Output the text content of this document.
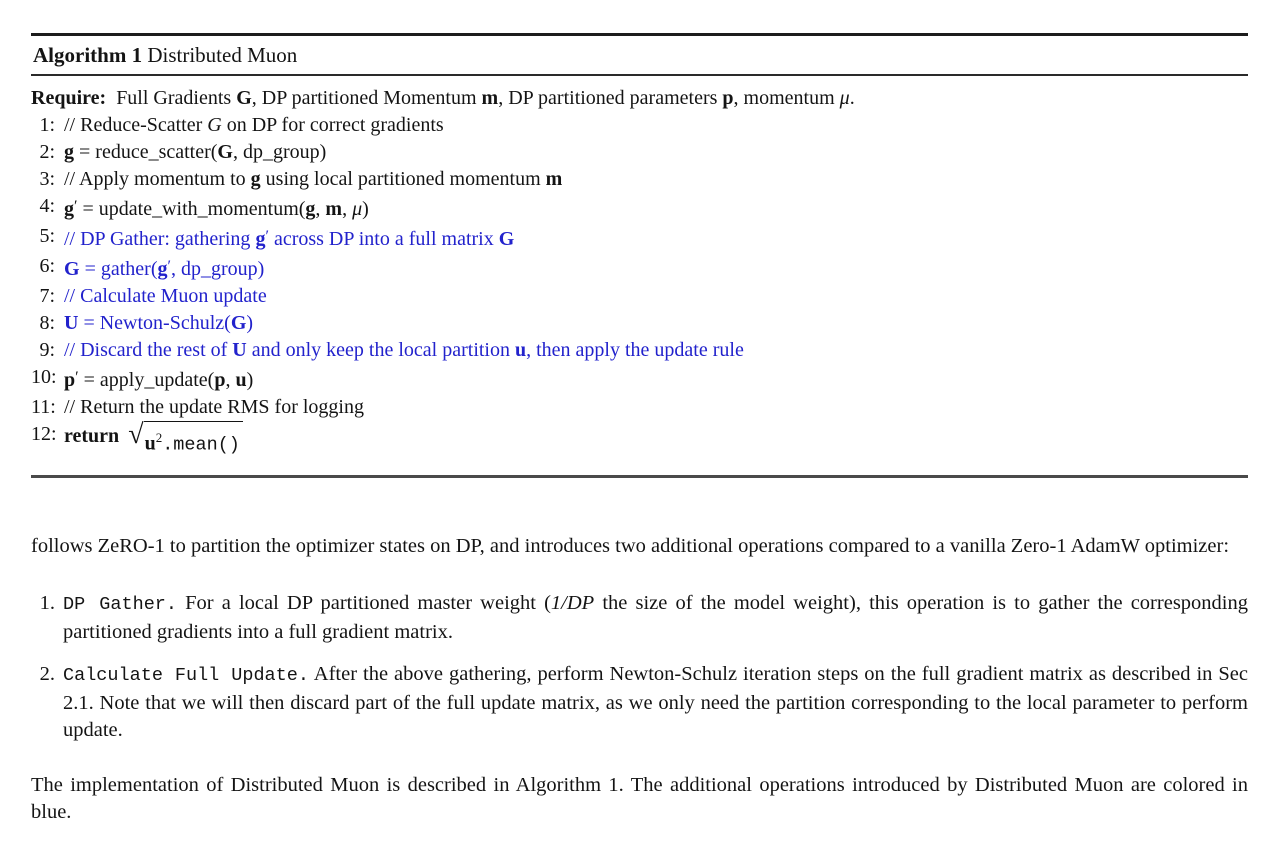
Algorithm 1 Distributed Muon
Require: Full Gradients G, DP partitioned Momentum m, DP partitioned parameters p, momentum μ.
1: // Reduce-Scatter G on DP for correct gradients
2: g = reduce_scatter(G, dp_group)
3: // Apply momentum to g using local partitioned momentum m
4: g′ = update_with_momentum(g, m, μ)
5: // DP Gather: gathering g′ across DP into a full matrix G
6: G = gather(g′, dp_group)
7: // Calculate Muon update
8: U = Newton-Schulz(G)
9: // Discard the rest of U and only keep the local partition u, then apply the update rule
10: p′ = apply_update(p, u)
11: // Return the update RMS for logging
12: return √ $u^2.mean()$

follows ZeRO-1 to partition the optimizer states on DP, and introduces two additional operations compared to a vanilla Zero-1 AdamW optimizer:

1. DP Gather. For a local DP partitioned master weight (1/DP the size of the model weight), this operation is to gather the corresponding partitioned gradients into a full gradient matrix.
2. Calculate Full Update. After the above gathering, perform Newton-Schulz iteration steps on the full gradient matrix as described in Sec 2.1. Note that we will then discard part of the full update matrix, as we only need the partition corresponding to the local parameter to perform update.

The implementation of Distributed Muon is described in Algorithm 1. The additional operations introduced by Distributed Muon are colored in blue.
